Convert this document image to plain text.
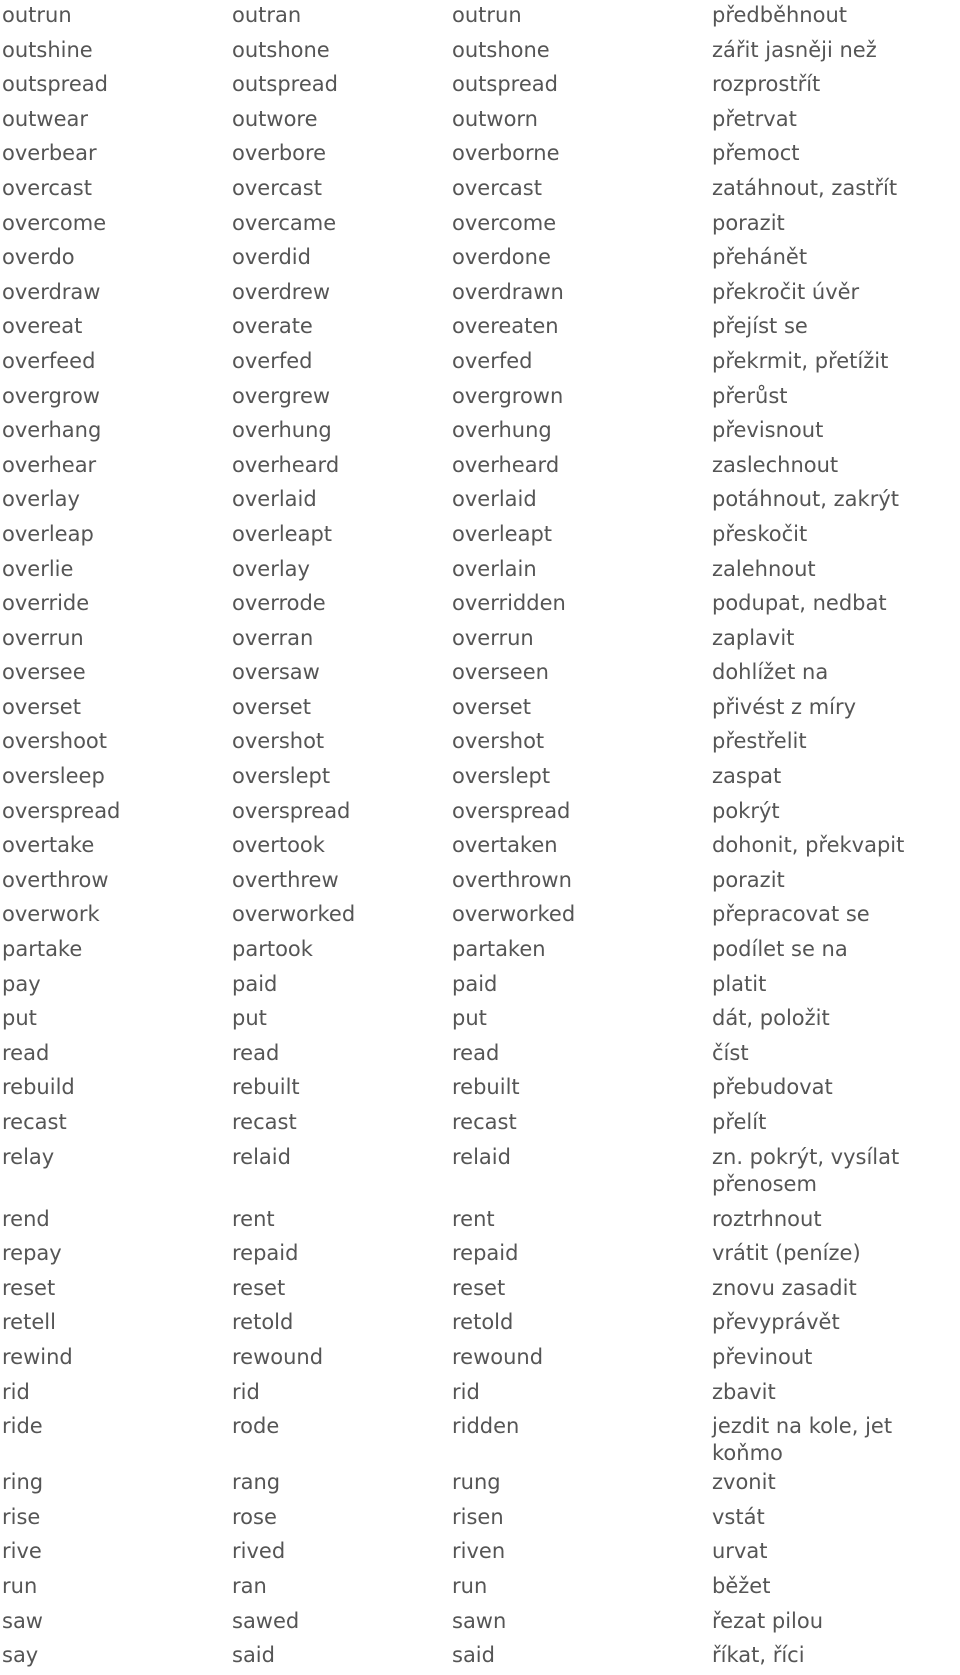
outrun	outran	outrun	předběhnout
outshine	outshone	outshone	zářit jasněji než
outspread	outspread	outspread	rozprostřít
outwear	outwore	outworn	přetrvat
overbear	overbore	overborne	přemoct
overcast	overcast	overcast	zatáhnout, zastřít
overcome	overcame	overcome	porazit
overdo	overdid	overdone	přehánět
overdraw	overdrew	overdrawn	překročit úvěr
overeat	overate	overeaten	přejíst se
overfeed	overfed	overfed	překrmit, přetížit
overgrow	overgrew	overgrown	přerůst
overhang	overhung	overhung	převisnout
overhear	overheard	overheard	zaslechnout
overlay	overlaid	overlaid	potáhnout, zakrýt
overleap	overleapt	overleapt	přeskočit
overlie	overlay	overlain	zalehnout
override	overrode	overridden	podupat, nedbat
overrun	overran	overrun	zaplavit
oversee	oversaw	overseen	dohlížet na
overset	overset	overset	přivést z míry
overshoot	overshot	overshot	přestřelit
oversleep	overslept	overslept	zaspat
overspread	overspread	overspread	pokrýt
overtake	overtook	overtaken	dohonit, překvapit
overthrow	overthrew	overthrown	porazit
overwork	overworked	overworked	přepracovat se
partake	partook	partaken	podílet se na
pay	paid	paid	platit
put	put	put	dát, položit
read	read	read	číst
rebuild	rebuilt	rebuilt	přebudovat
recast	recast	recast	přelít
relay	relaid	relaid	zn. pokrýt, vysílat přenosem
rend	rent	rent	roztrhnout
repay	repaid	repaid	vrátit (peníze)
reset	reset	reset	znovu zasadit
retell	retold	retold	převyprávět
rewind	rewound	rewound	převinout
rid	rid	rid	zbavit
ride	rode	ridden	jezdit na kole, jet koňmo
ring	rang	rung	zvonit
rise	rose	risen	vstát
rive	rived	riven	urvat
run	ran	run	běžet
saw	sawed	sawn	řezat pilou
say	said	said	říkat, říci
